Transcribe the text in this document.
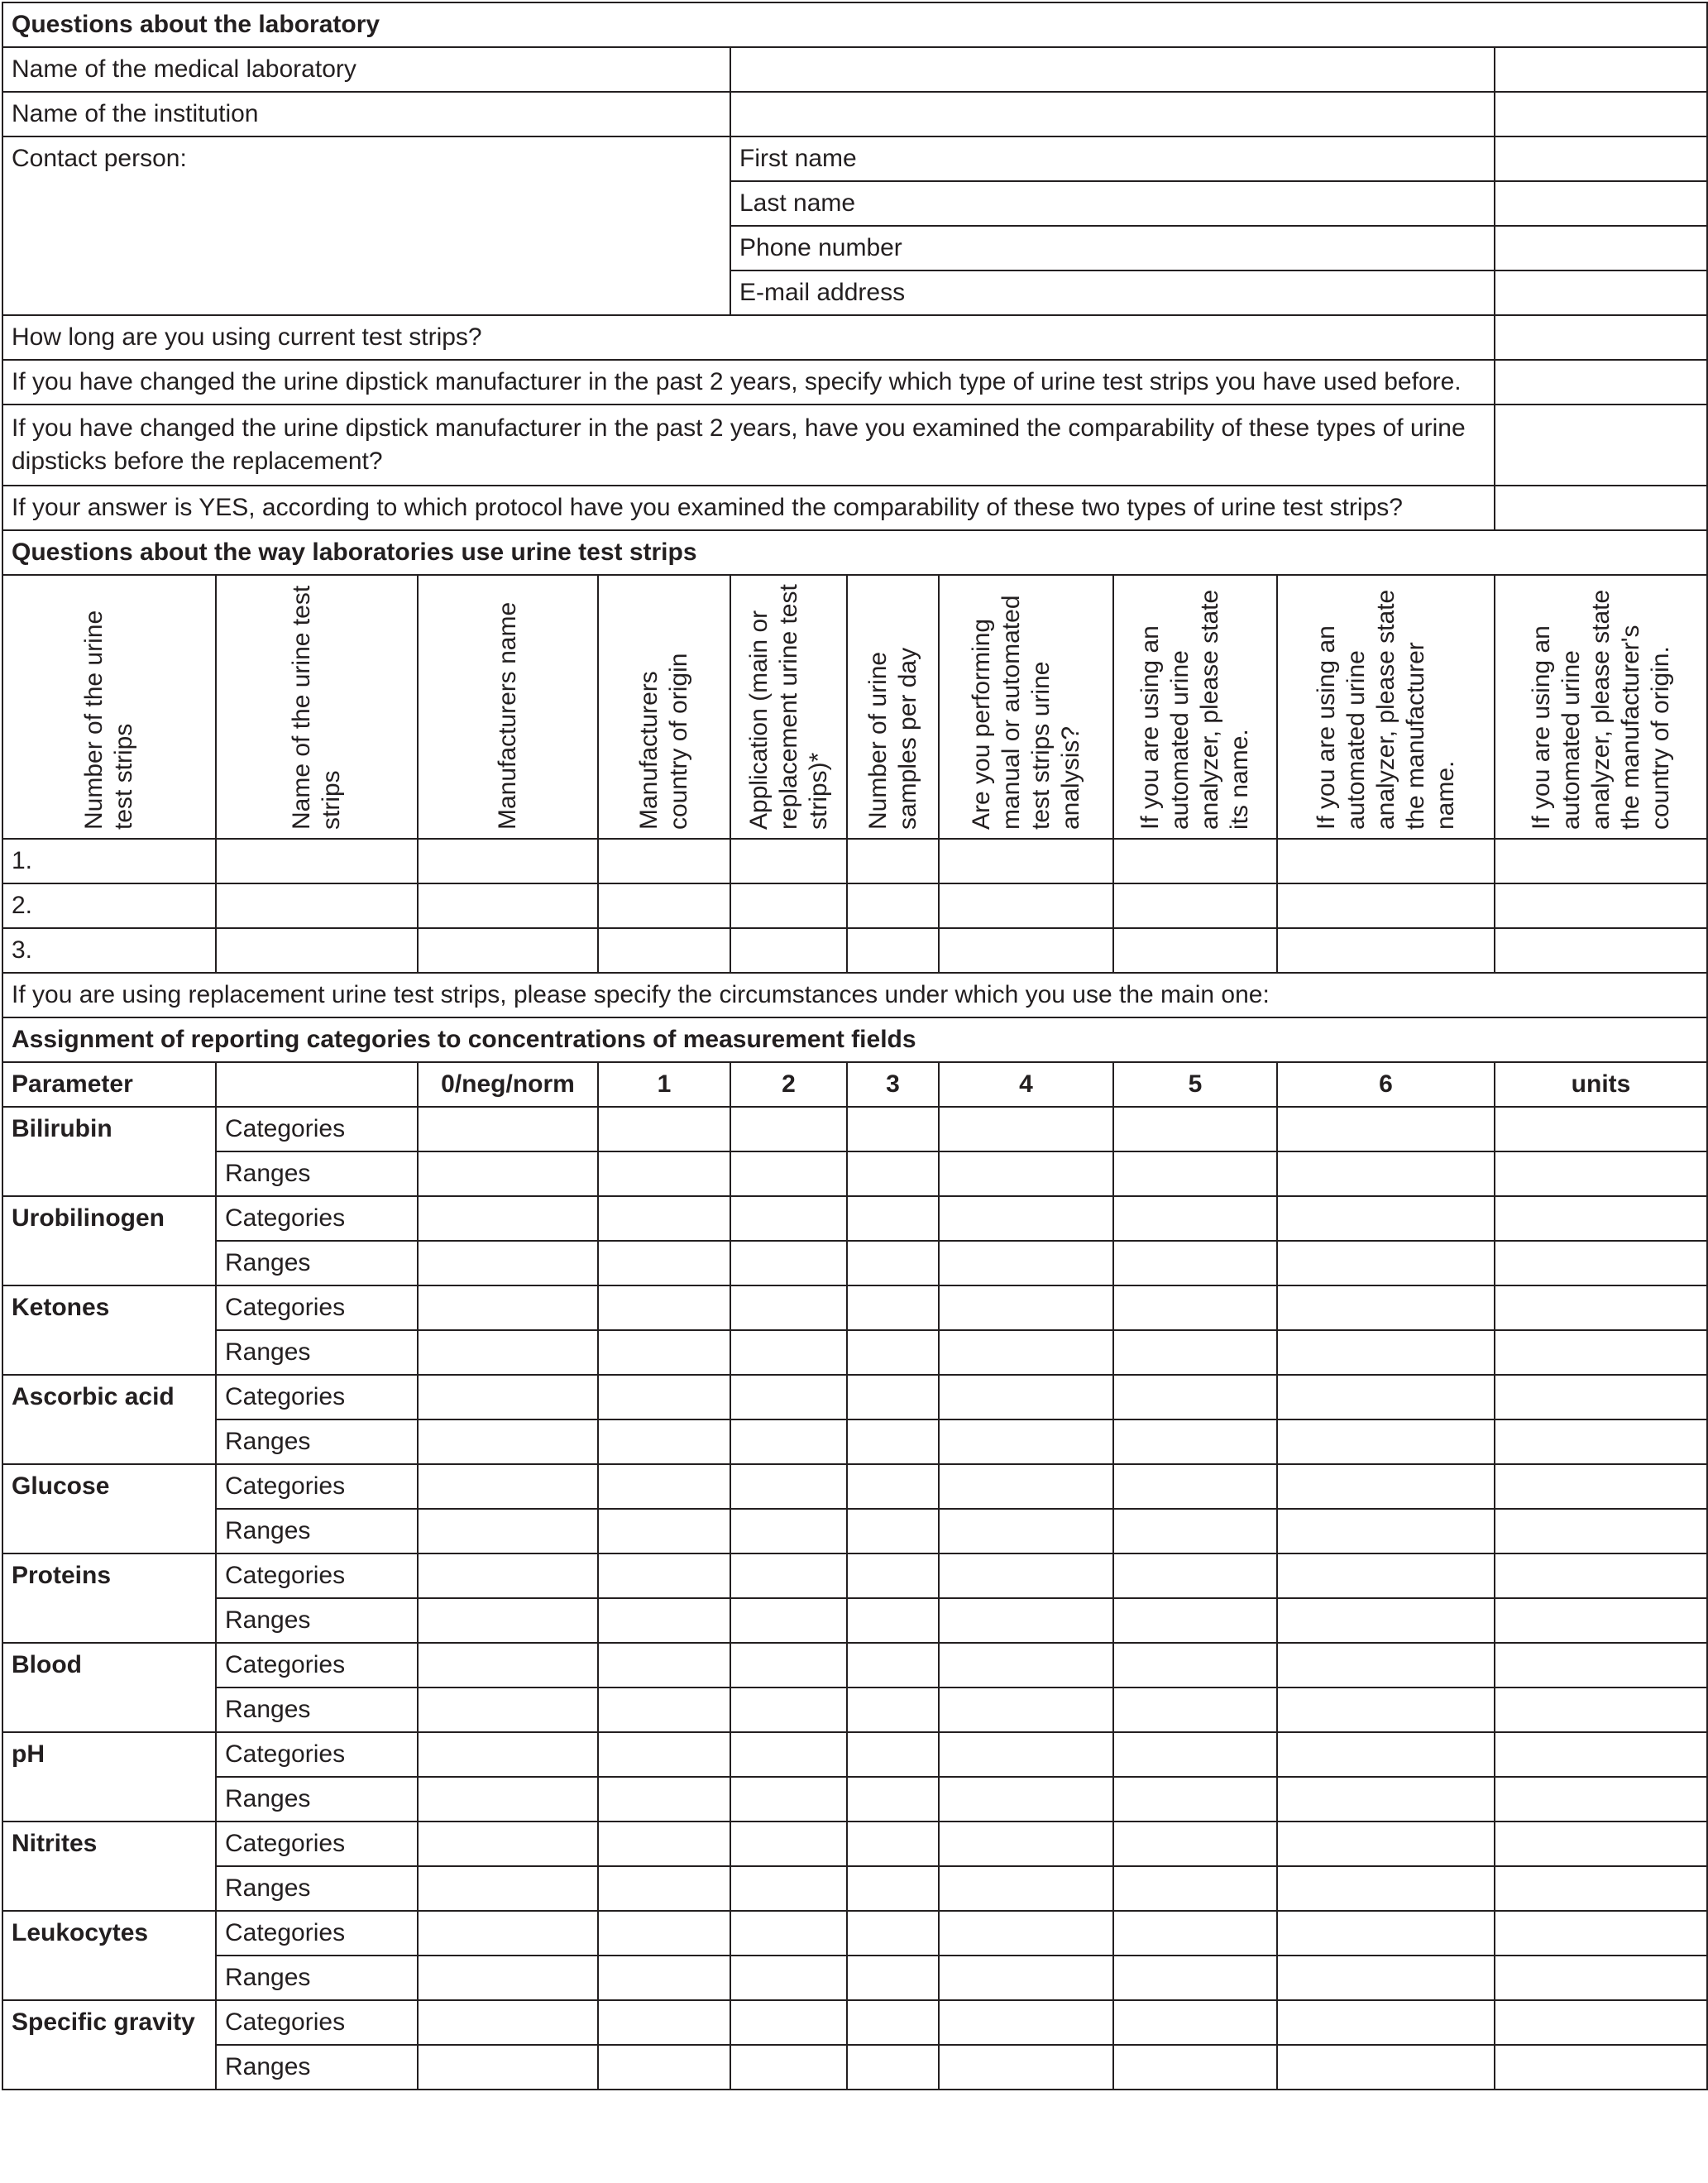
Questions about the laboratory									
Name of the medical laboratory									
Name of the institution									
Contact person:				First name					
				Last name					
				Phone number					
				E-mail address					
How long are you using current test strips?									
If you have changed the urine dipstick manufacturer in the past 2 years, specify which type of urine test strips you have used before.									
If you have changed the urine dipstick manufacturer in the past 2 years, have you examined the comparability of these types of urine dipsticks before the replacement?									
If your answer is YES, according to which protocol have you examined the comparability of these two types of urine test strips?									
Questions about the way laboratories use urine test strips									

Number of the urine test strips	Name of the urine test strips	Manufacturers name	Manufacturers country of origin	Application (main or replacement urine test strips)*	Number of urine samples per day	Are you performing manual or automated test strips urine analysis?	If you are using an automated urine analyzer, please state its name.	If you are using an automated urine analyzer, please state the manufacturer name.	If you are using an automated urine analyzer, please state the manufacturer's country of origin.

1.									
2.									
3.									
If you are using replacement urine test strips, please specify the circumstances under which you use the main one:									
Assignment of reporting categories to concentrations of measurement fields									
Parameter		0/neg/norm	1	2	3	4	5	6	units
Bilirubin	Categories								
	Ranges								
Urobilinogen	Categories								
	Ranges								
Ketones	Categories								
	Ranges								
Ascorbic acid	Categories								
	Ranges								
Glucose	Categories								
	Ranges								
Proteins	Categories								
	Ranges								
Blood	Categories								
	Ranges								
pH	Categories								
	Ranges								
Nitrites	Categories								
	Ranges								
Leukocytes	Categories								
	Ranges								
Specific gravity	Categories								
	Ranges								
